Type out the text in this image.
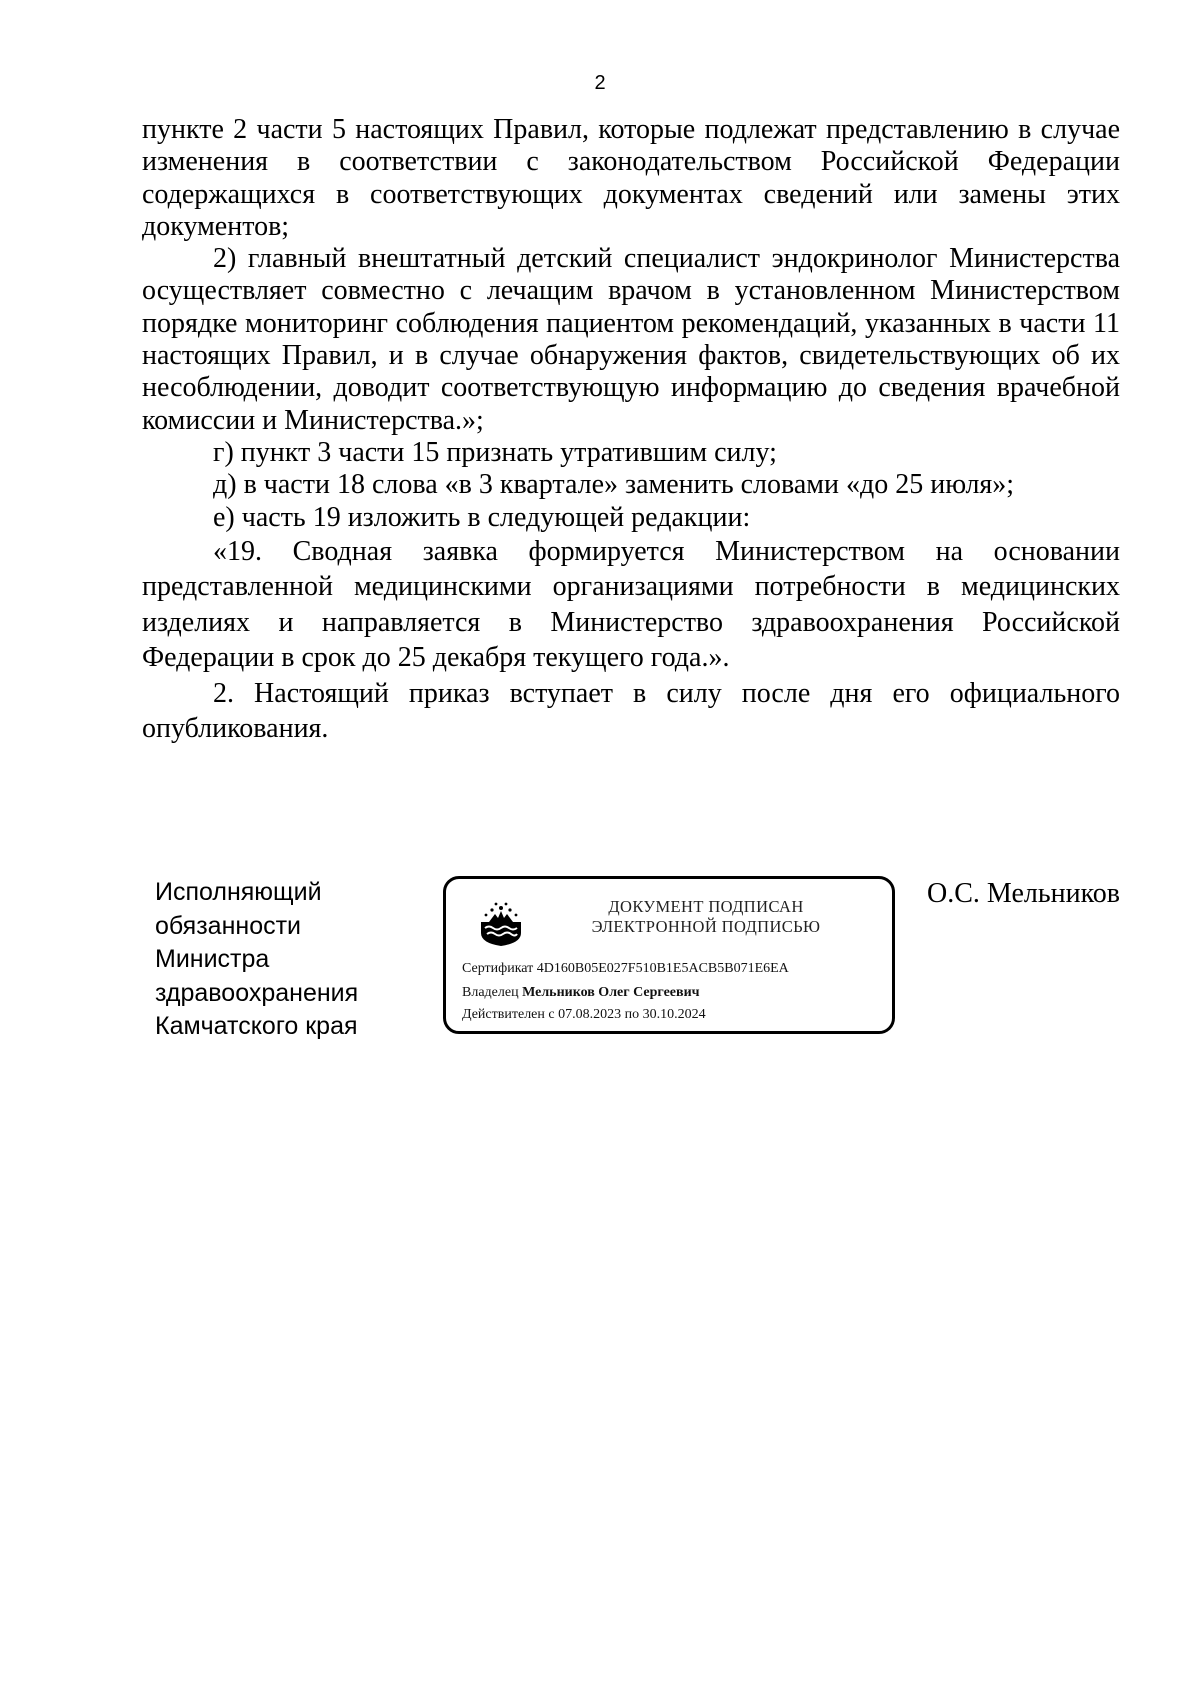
2

пункте 2 части 5 настоящих Правил, которые подлежат представлению в случае изменения в соответствии с законодательством Российской Федерации содержащихся в соответствующих документах сведений или замены этих документов;

2) главный внештатный детский специалист эндокринолог Министерства осуществляет совместно с лечащим врачом в установленном Министерством порядке мониторинг соблюдения пациентом рекомендаций, указанных в части 11 настоящих Правил, и в случае обнаружения фактов, свидетельствующих об их несоблюдении, доводит соответствующую информацию до сведения врачебной комиссии и Министерства.»;

г) пункт 3 части 15 признать утратившим силу;

д) в части 18 слова «в 3 квартале» заменить словами «до 25 июля»;

е) часть 19 изложить в следующей редакции:

«19. Сводная заявка формируется Министерством на основании представленной медицинскими организациями потребности в медицинских изделиях и направляется в Министерство здравоохранения Российской Федерации в срок до 25 декабря текущего года.».

2. Настоящий приказ вступает в силу после дня его официального опубликования.

Исполняющий
обязанности
Министра
здравоохранения
Камчатского края
ДОКУМЕНТ ПОДПИСАН
ЭЛЕКТРОННОЙ ПОДПИСЬЮ
Сертификат 4D160B05E027F510B1E5ACB5B071E6EA
Владелец Мельников Олег Сергеевич
Действителен с 07.08.2023 по 30.10.2024
О.С. Мельников
